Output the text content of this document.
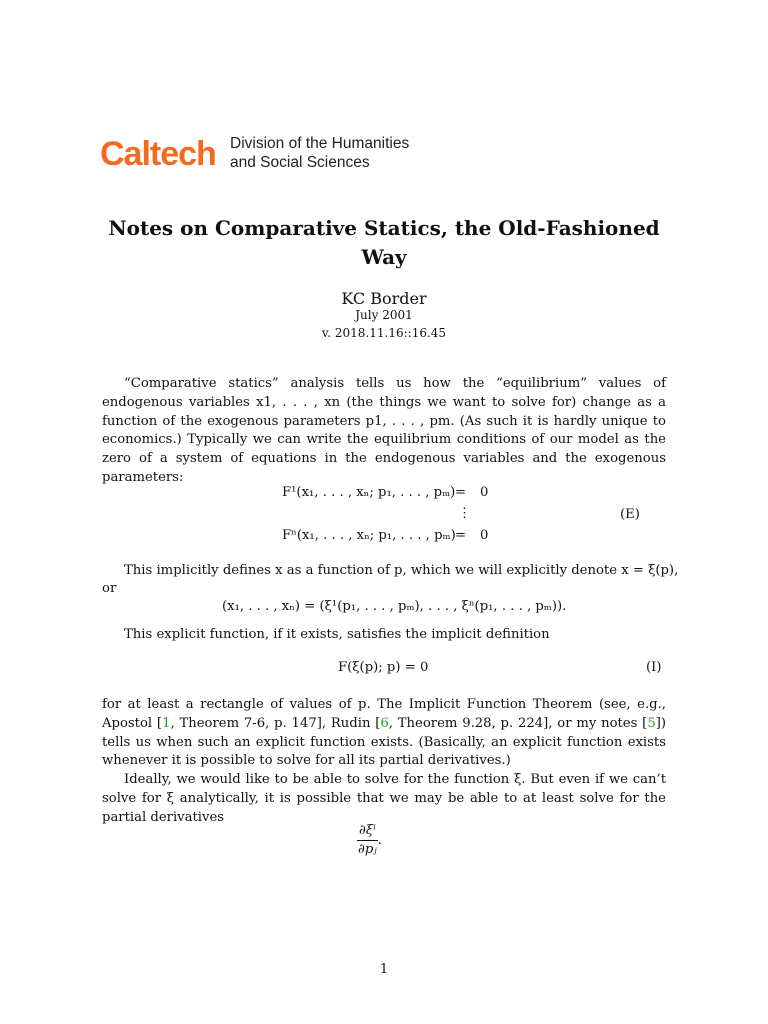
Caltech Division of the Humanities
and Social Sciences
Notes on Comparative Statics, the Old-Fashioned Way
KC Border
July 2001
v. 2018.11.16::16.45
“Comparative statics” analysis tells us how the “equilibrium” values of endogenous variables x1, . . . , xn (the things we want to solve for) change as a function of the exogenous parameters p1, . . . , pm. (As such it is hardly unique to economics.) Typically we can write the equilibrium conditions of our model as the zero of a system of equations in the endogenous variables and the exogenous parameters:
F¹(x₁, . . . , xₙ; p₁, . . . , pₘ) = 0
⋮
Fⁿ(x₁, . . . , xₙ; p₁, . . . , pₘ) = 0
(E)
This implicitly defines x as a function of p, which we will explicitly denote x = ξ(p),
or
(x₁, . . . , xₙ) = (ξ¹(p₁, . . . , pₘ), . . . , ξⁿ(p₁, . . . , pₘ)).
This explicit function, if it exists, satisfies the implicit definition
F(ξ(p); p) = 0	(I)
for at least a rectangle of values of p. The Implicit Function Theorem (see, e.g., Apostol [1, Theorem 7-6, p. 147], Rudin [6, Theorem 9.28, p. 224], or my notes [5]) tells us when such an explicit function exists. (Basically, an explicit function exists whenever it is possible to solve for all its partial derivatives.)
Ideally, we would like to be able to solve for the function ξ. But even if we can’t solve for ξ analytically, it is possible that we may be able to at least solve for the partial derivatives
$\frac{\text{∂ξⁱ}}{\text{∂pⱼ}}$ .
1
